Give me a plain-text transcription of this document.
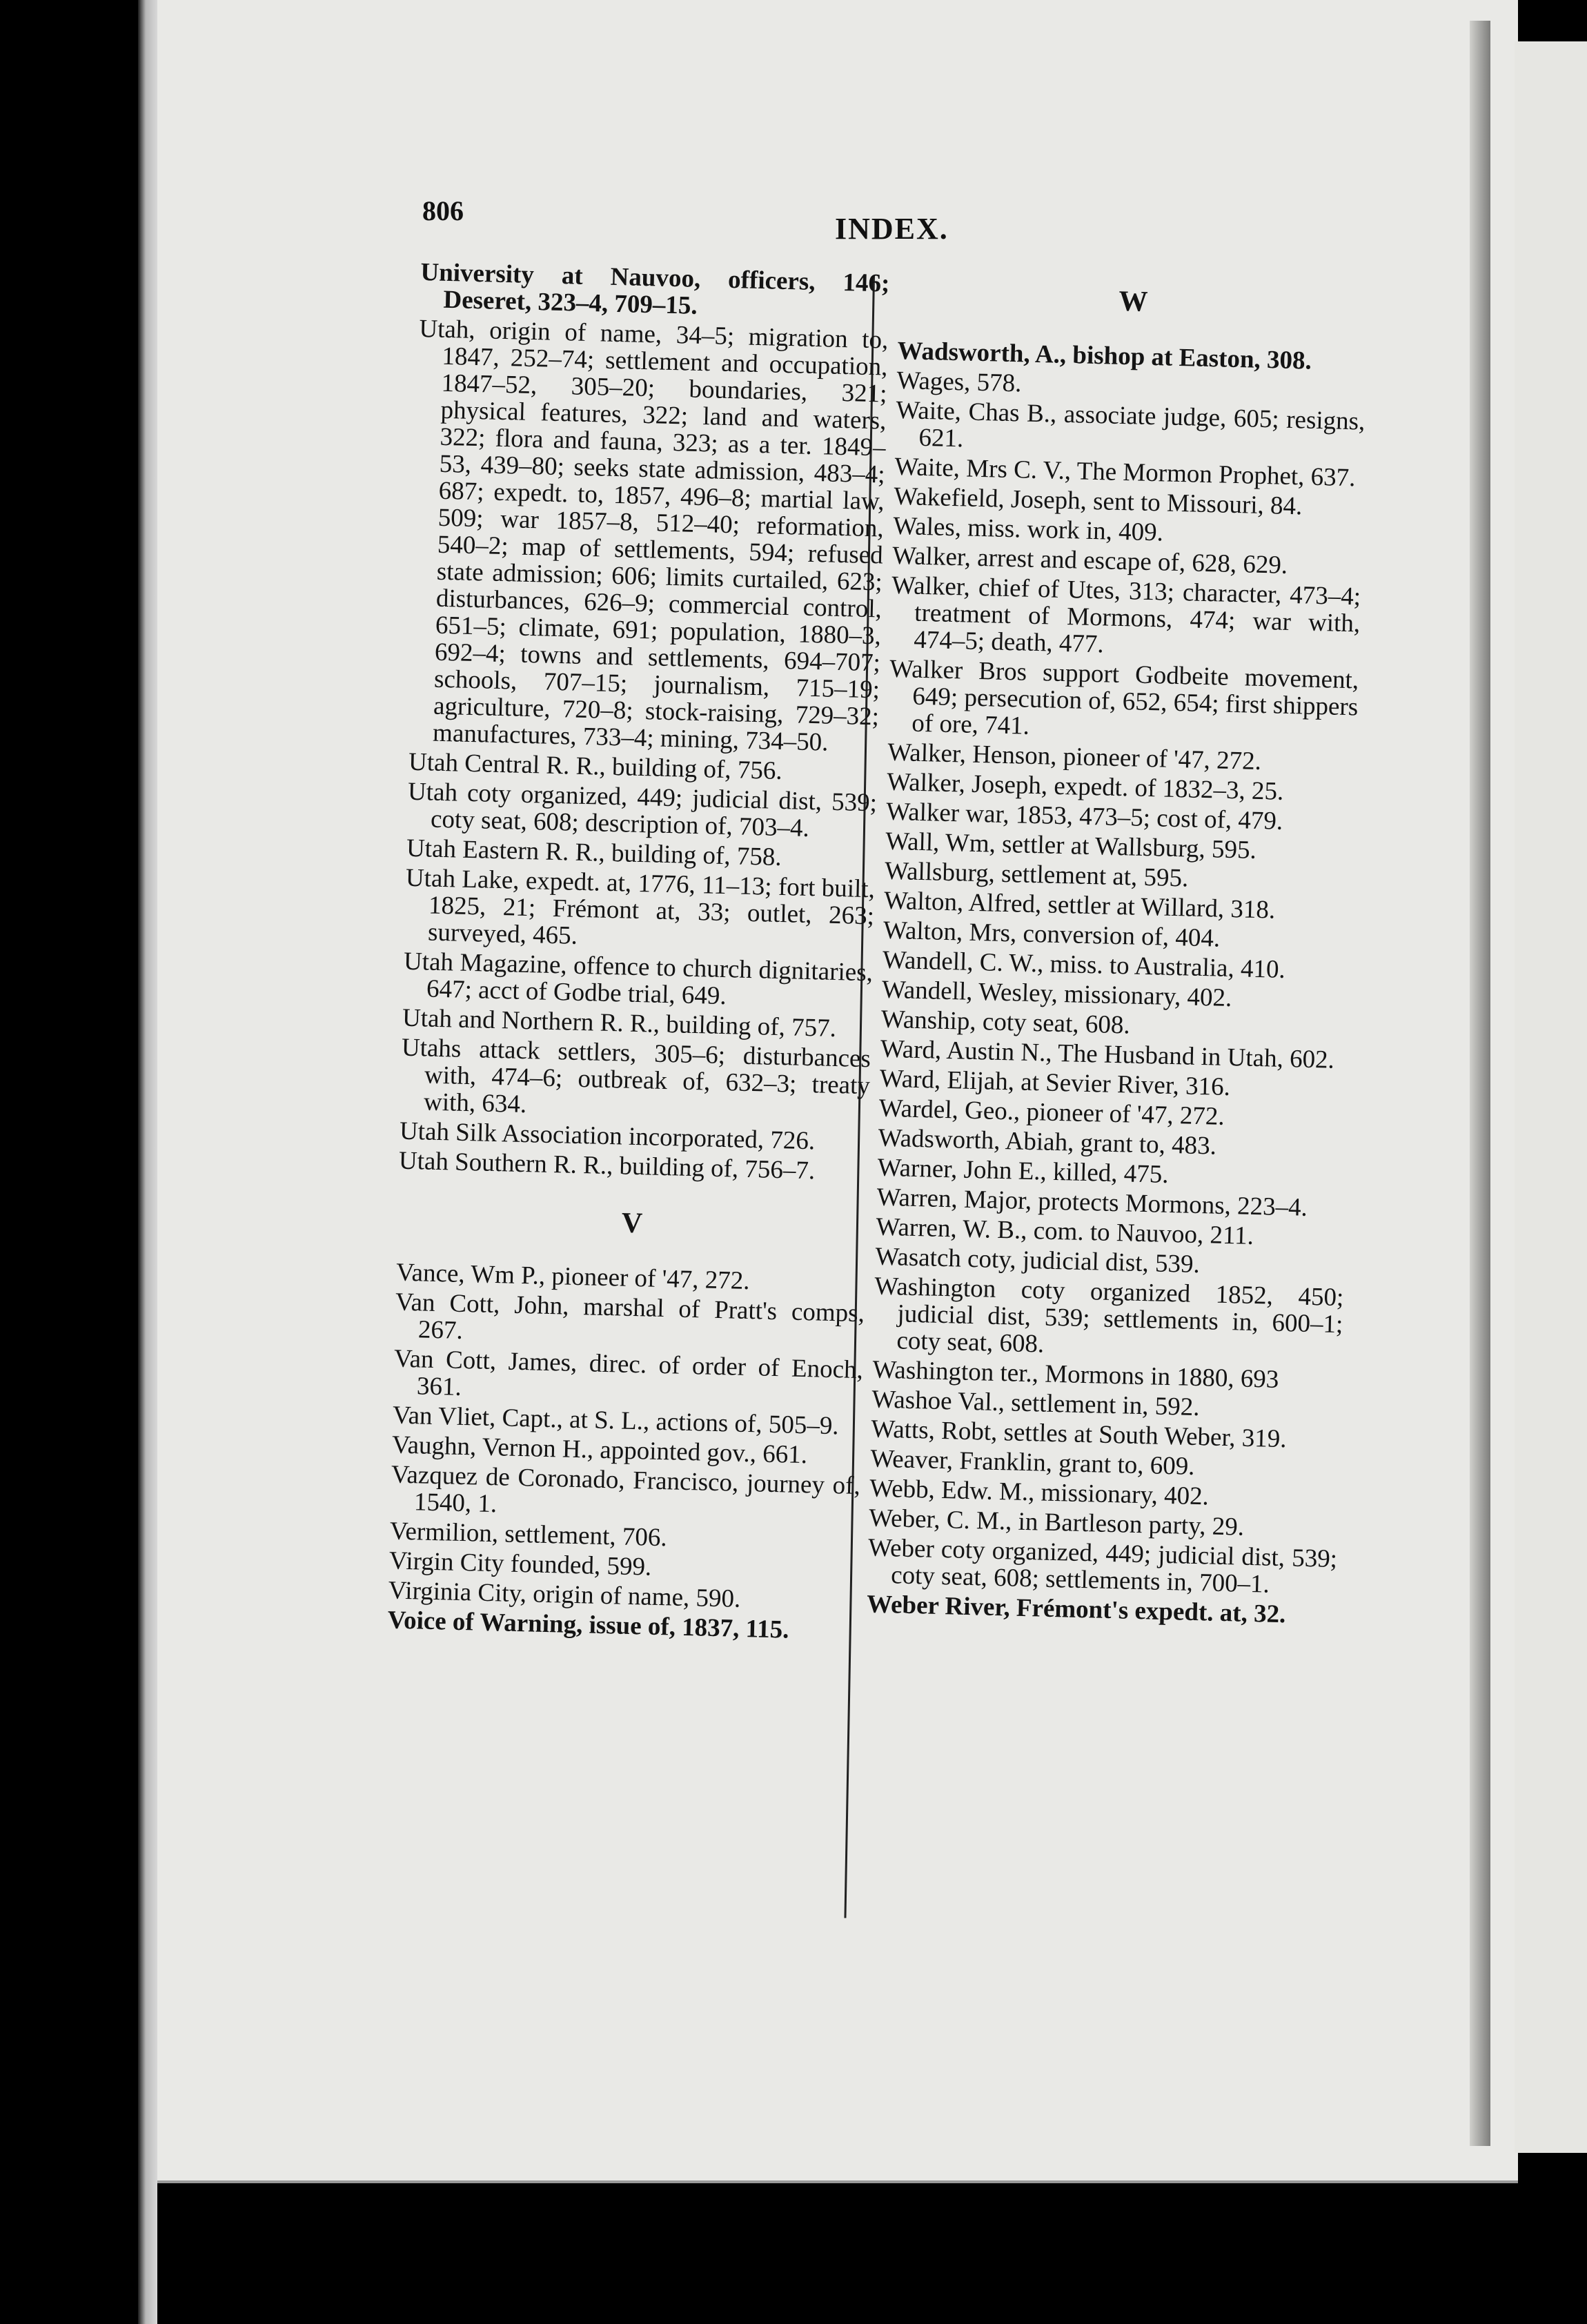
806
INDEX.
University at Nauvoo, officers, 146; Deseret, 323–4, 709–15.
Utah, origin of name, 34–5; migration to, 1847, 252–74; settlement and occupation, 1847–52, 305–20; boundaries, 321; physical features, 322; land and waters, 322; flora and fauna, 323; as a ter. 1849–53, 439–80; seeks state admission, 483–4; 687; expedt. to, 1857, 496–8; martial law, 509; war 1857–8, 512–40; reformation, 540–2; map of settlements, 594; refused state admission; 606; limits curtailed, 623; disturbances, 626–9; commercial control, 651–5; climate, 691; population, 1880–3, 692–4; towns and settlements, 694–707; schools, 707–15; journalism, 715–19; agriculture, 720–8; stock-raising, 729–32; manufactures, 733–4; mining, 734–50.
Utah Central R. R., building of, 756.
Utah coty organized, 449; judicial dist, 539; coty seat, 608; description of, 703–4.
Utah Eastern R. R., building of, 758.
Utah Lake, expedt. at, 1776, 11–13; fort built, 1825, 21; Frémont at, 33; outlet, 263; surveyed, 465.
Utah Magazine, offence to church dignitaries, 647; acct of Godbe trial, 649.
Utah and Northern R. R., building of, 757.
Utahs attack settlers, 305–6; disturbances with, 474–6; outbreak of, 632–3; treaty with, 634.
Utah Silk Association incorporated, 726.
Utah Southern R. R., building of, 756–7.
V
Vance, Wm P., pioneer of '47, 272.
Van Cott, John, marshal of Pratt's comps, 267.
Van Cott, James, direc. of order of Enoch, 361.
Van Vliet, Capt., at S. L., actions of, 505–9.
Vaughn, Vernon H., appointed gov., 661.
Vazquez de Coronado, Francisco, journey of, 1540, 1.
Vermilion, settlement, 706.
Virgin City founded, 599.
Virginia City, origin of name, 590.
Voice of Warning, issue of, 1837, 115.
W
Wadsworth, A., bishop at Easton, 308.
Wages, 578.
Waite, Chas B., associate judge, 605; resigns, 621.
Waite, Mrs C. V., The Mormon Prophet, 637.
Wakefield, Joseph, sent to Missouri, 84.
Wales, miss. work in, 409.
Walker, arrest and escape of, 628, 629.
Walker, chief of Utes, 313; character, 473–4; treatment of Mormons, 474; war with, 474–5; death, 477.
Walker Bros support Godbeite movement, 649; persecution of, 652, 654; first shippers of ore, 741.
Walker, Henson, pioneer of '47, 272.
Walker, Joseph, expedt. of 1832–3, 25.
Walker war, 1853, 473–5; cost of, 479.
Wall, Wm, settler at Wallsburg, 595.
Wallsburg, settlement at, 595.
Walton, Alfred, settler at Willard, 318.
Walton, Mrs, conversion of, 404.
Wandell, C. W., miss. to Australia, 410.
Wandell, Wesley, missionary, 402.
Wanship, coty seat, 608.
Ward, Austin N., The Husband in Utah, 602.
Ward, Elijah, at Sevier River, 316.
Wardel, Geo., pioneer of '47, 272.
Wadsworth, Abiah, grant to, 483.
Warner, John E., killed, 475.
Warren, Major, protects Mormons, 223–4.
Warren, W. B., com. to Nauvoo, 211.
Wasatch coty, judicial dist, 539.
Washington coty organized 1852, 450; judicial dist, 539; settlements in, 600–1; coty seat, 608.
Washington ter., Mormons in 1880, 693
Washoe Val., settlement in, 592.
Watts, Robt, settles at South Weber, 319.
Weaver, Franklin, grant to, 609.
Webb, Edw. M., missionary, 402.
Weber, C. M., in Bartleson party, 29.
Weber coty organized, 449; judicial dist, 539; coty seat, 608; settlements in, 700–1.
Weber River, Frémont's expedt. at, 32.
